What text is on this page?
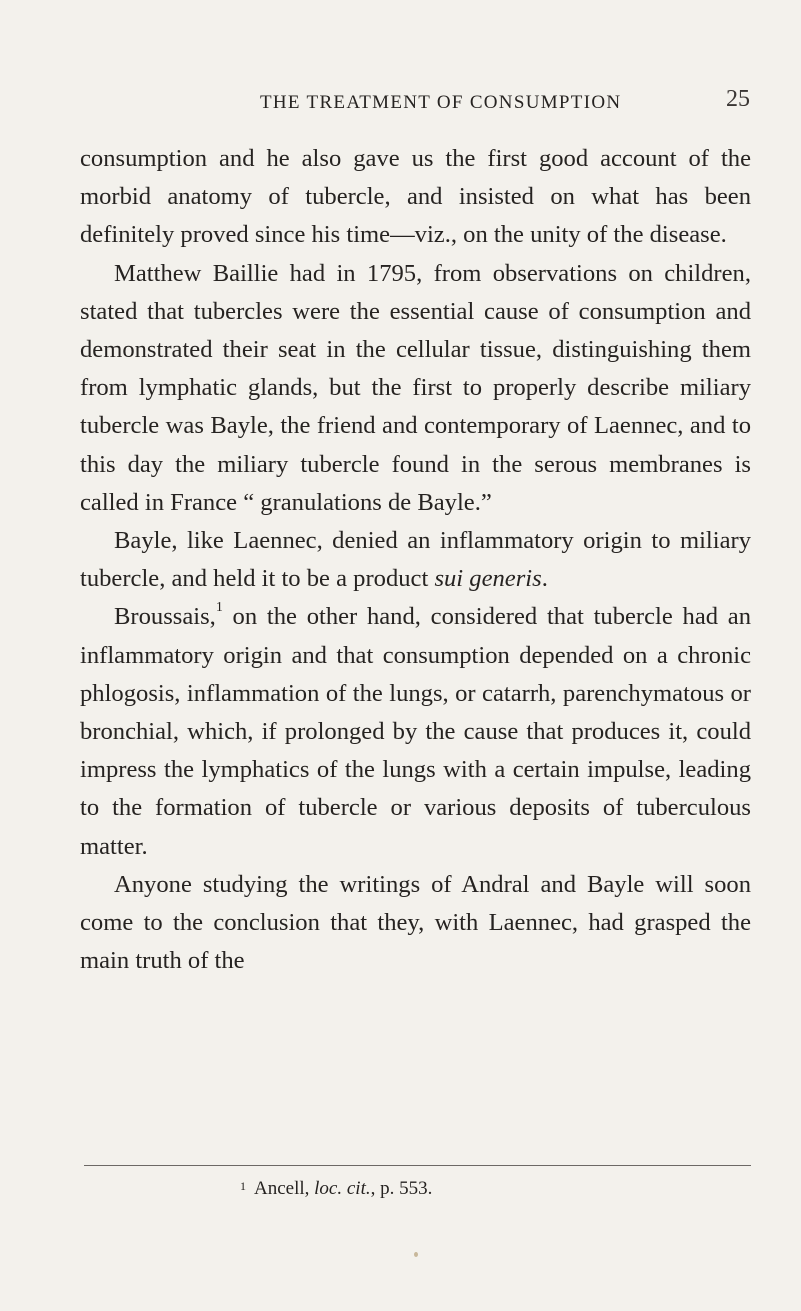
THE TREATMENT OF CONSUMPTION	25

consumption and he also gave us the first good account of the morbid anatomy of tubercle, and insisted on what has been definitely proved since his time—viz., on the unity of the disease.

Matthew Baillie had in 1795, from observations on children, stated that tubercles were the essential cause of consumption and demonstrated their seat in the cellular tissue, distinguishing them from lymphatic glands, but the first to properly describe miliary tubercle was Bayle, the friend and contemporary of Laennec, and to this day the miliary tubercle found in the serous membranes is called in France “ granulations de Bayle.”

Bayle, like Laennec, denied an inflammatory origin to miliary tubercle, and held it to be a product sui generis.

Broussais,$^1$ on the other hand, considered that tubercle had an inflammatory origin and that consumption depended on a chronic phlogosis, inflammation of the lungs, or catarrh, parenchymatous or bronchial, which, if prolonged by the cause that produces it, could impress the lymphatics of the lungs with a certain impulse, leading to the formation of tubercle or various deposits of tuberculous matter.

Anyone studying the writings of Andral and Bayle will soon come to the conclusion that they, with Laennec, had grasped the main truth of the

$^1$ Ancell, loc. cit., p. 553.
